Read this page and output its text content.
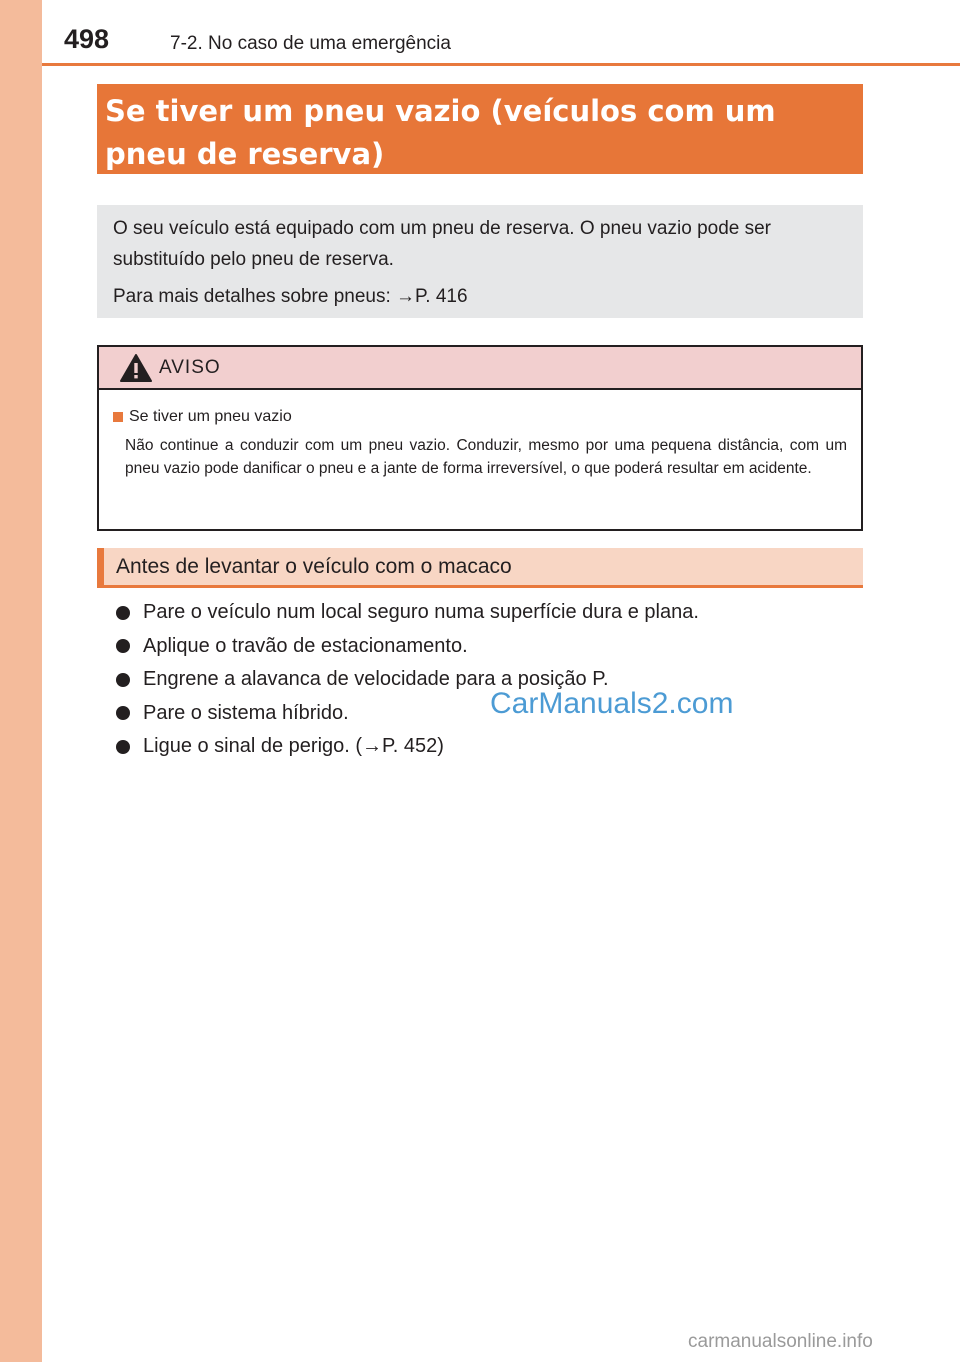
498	7-2. No caso de uma emergência
Se tiver um pneu vazio (veículos com um pneu de reserva)
O seu veículo está equipado com um pneu de reserva. O pneu vazio pode ser
substituído pelo pneu de reserva.
Para mais detalhes sobre pneus: →P. 416
AVISO
Se tiver um pneu vazio
Não continue a conduzir com um pneu vazio. Conduzir, mesmo por uma pequena distância, com um pneu vazio pode danificar o pneu e a jante de forma irreversível, o que poderá resultar em acidente.
Antes de levantar o veículo com o macaco
Pare o veículo num local seguro numa superfície dura e plana.
Aplique o travão de estacionamento.
Engrene a alavanca de velocidade para a posição P.
Pare o sistema híbrido.
Ligue o sinal de perigo. (→P. 452)
CarManuals2.com
carmanualsonline.info
